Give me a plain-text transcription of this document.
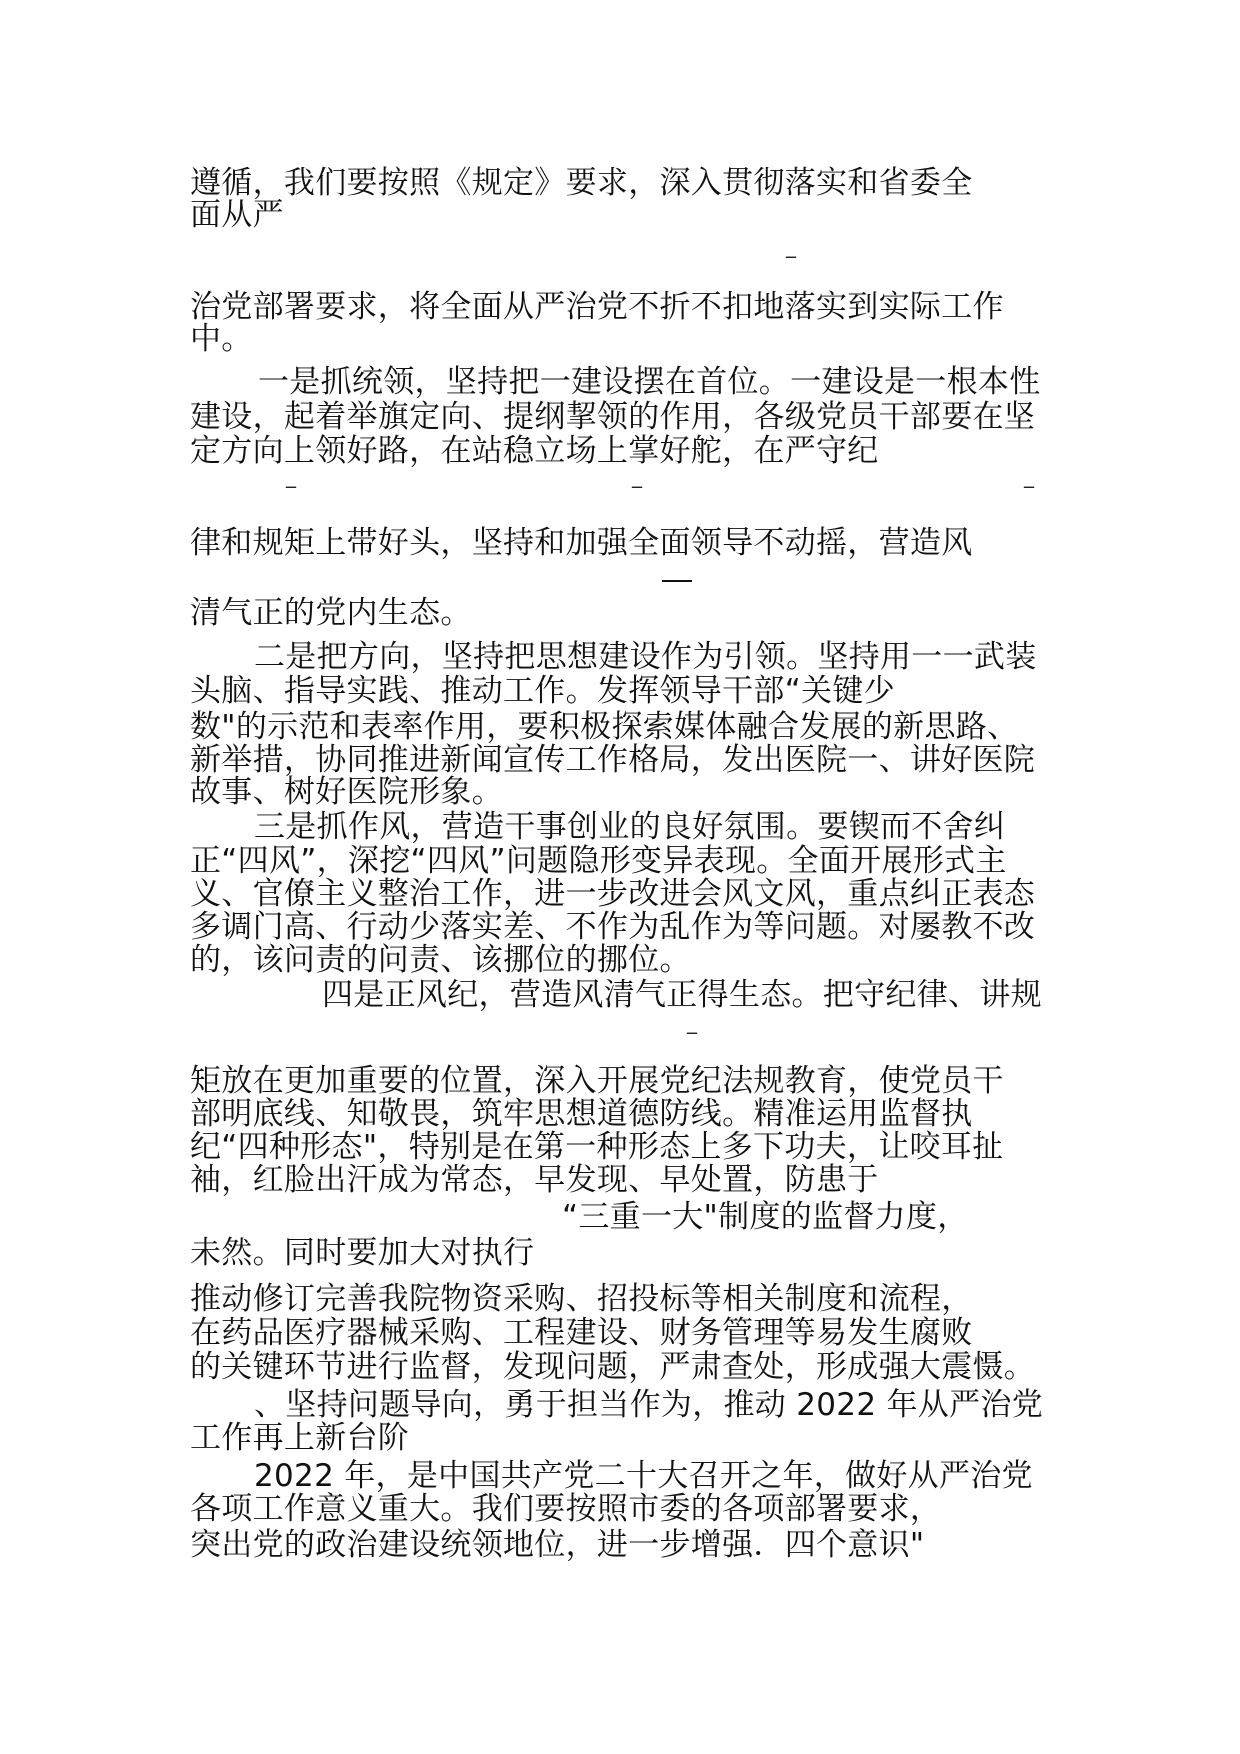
遵循，我们要按照《规定》要求，深入贯彻落实和省委全
面从严
_
治党部署要求，将全面从严治党不折不扣地落实到实际工作
中。
一是抓统领，坚持把一建设摆在首位。一建设是一根本性
建设，起着举旗定向、提纲挈领的作用，各级党员干部要在坚
定方向上领好路，在站稳立场上掌好舵，在严守纪
_	_	_
律和规矩上带好头，坚持和加强全面领导不动摇，营造风
清气正的党内生态。
二是把方向，坚持把思想建设作为引领。坚持用一一武装
头脑、指导实践、推动工作。发挥领导干部“关键少
数"的示范和表率作用，要积极探索媒体融合发展的新思路、
新举措，协同推进新闻宣传工作格局，发出医院一、讲好医院
故事、树好医院形象。
三是抓作风，营造干事创业的良好氛围。要锲而不舍纠
正“四风”，深挖“四风”问题隐形变异表现。全面开展形式主
义、官僚主义整治工作，进一步改进会风文风，重点纠正表态
多调门高、行动少落实差、不作为乱作为等问题。对屡教不改
的，该问责的问责、该挪位的挪位。
四是正风纪，营造风清气正得生态。把守纪律、讲规
_
矩放在更加重要的位置，深入开展党纪法规教育，使党员干
部明底线、知敬畏，筑牢思想道德防线。精准运用监督执
纪“四种形态"，特别是在第一种形态上多下功夫，让咬耳扯
袖，红脸出汗成为常态，早发现、早处置，防患于
“三重一大"制度的监督力度，
未然。同时要加大对执行
推动修订完善我院物资采购、招投标等相关制度和流程，
在药品医疗器械采购、工程建设、财务管理等易发生腐败
的关键环节进行监督，发现问题，严肃查处，形成强大震慑。
、坚持问题导向，勇于担当作为，推动 2022 年从严治党
工作再上新台阶
2022 年，是中国共产党二十大召开之年，做好从严治党
各项工作意义重大。我们要按照市委的各项部署要求，
突出党的政治建设统领地位，进一步增强．四个意识"
